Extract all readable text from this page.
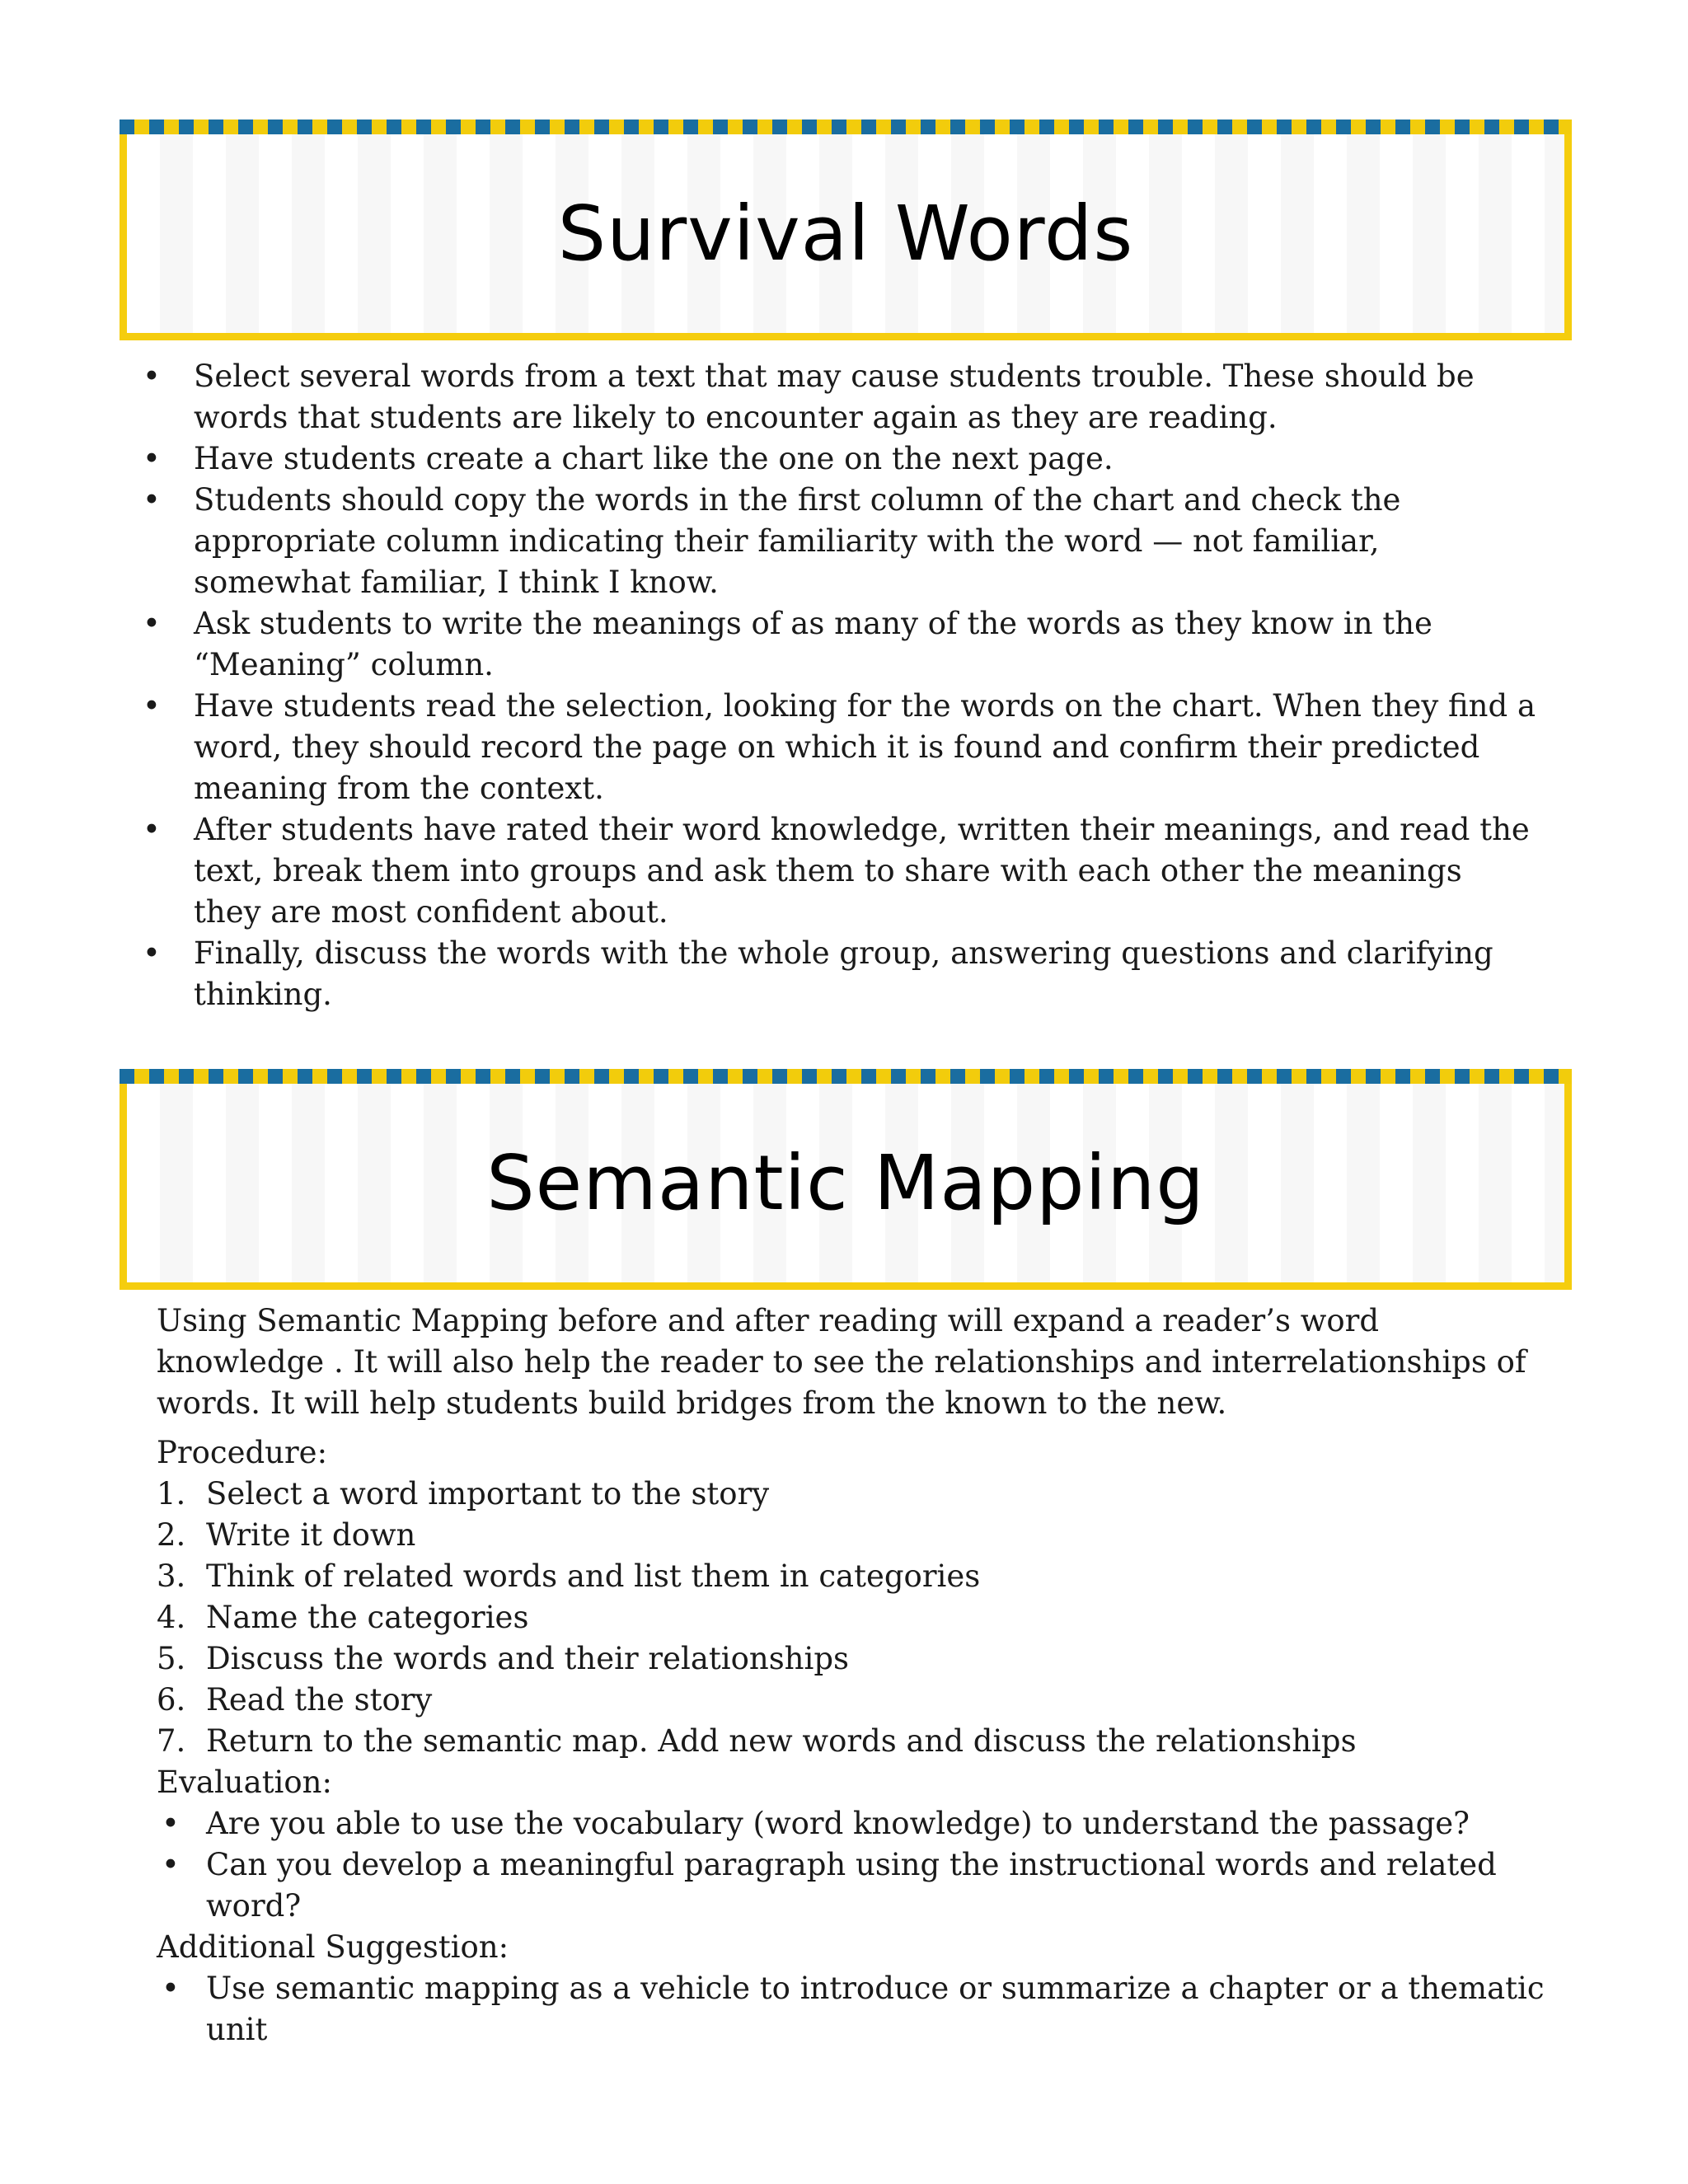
Survival Words
• Select several words from a text that may cause students trouble. These should be words that students are likely to encounter again as they are reading.
• Have students create a chart like the one on the next page.
• Students should copy the words in the first column of the chart and check the appropriate column indicating their familiarity with the word — not familiar, somewhat familiar, I think I know.
• Ask students to write the meanings of as many of the words as they know in the “Meaning” column.
• Have students read the selection, looking for the words on the chart. When they find a word, they should record the page on which it is found and confirm their predicted meaning from the context.
• After students have rated their word knowledge, written their meanings, and read the text, break them into groups and ask them to share with each other the meanings they are most confident about.
• Finally, discuss the words with the whole group, answering questions and clarifying thinking.
Semantic Mapping

Using Semantic Mapping before and after reading will expand a reader’s word knowledge . It will also help the reader to see the relationships and interrelationships of words. It will help students build bridges from the known to the new.

Procedure:

1. Select a word important to the story
2. Write it down
3. Think of related words and list them in categories
4. Name the categories
5. Discuss the words and their relationships
6. Read the story
7. Return to the semantic map. Add new words and discuss the relationships

Evaluation:

• Are you able to use the vocabulary (word knowledge) to understand the passage?
• Can you develop a meaningful paragraph using the instructional words and related word?

Additional Suggestion:

• Use semantic mapping as a vehicle to introduce or summarize a chapter or a thematic unit
